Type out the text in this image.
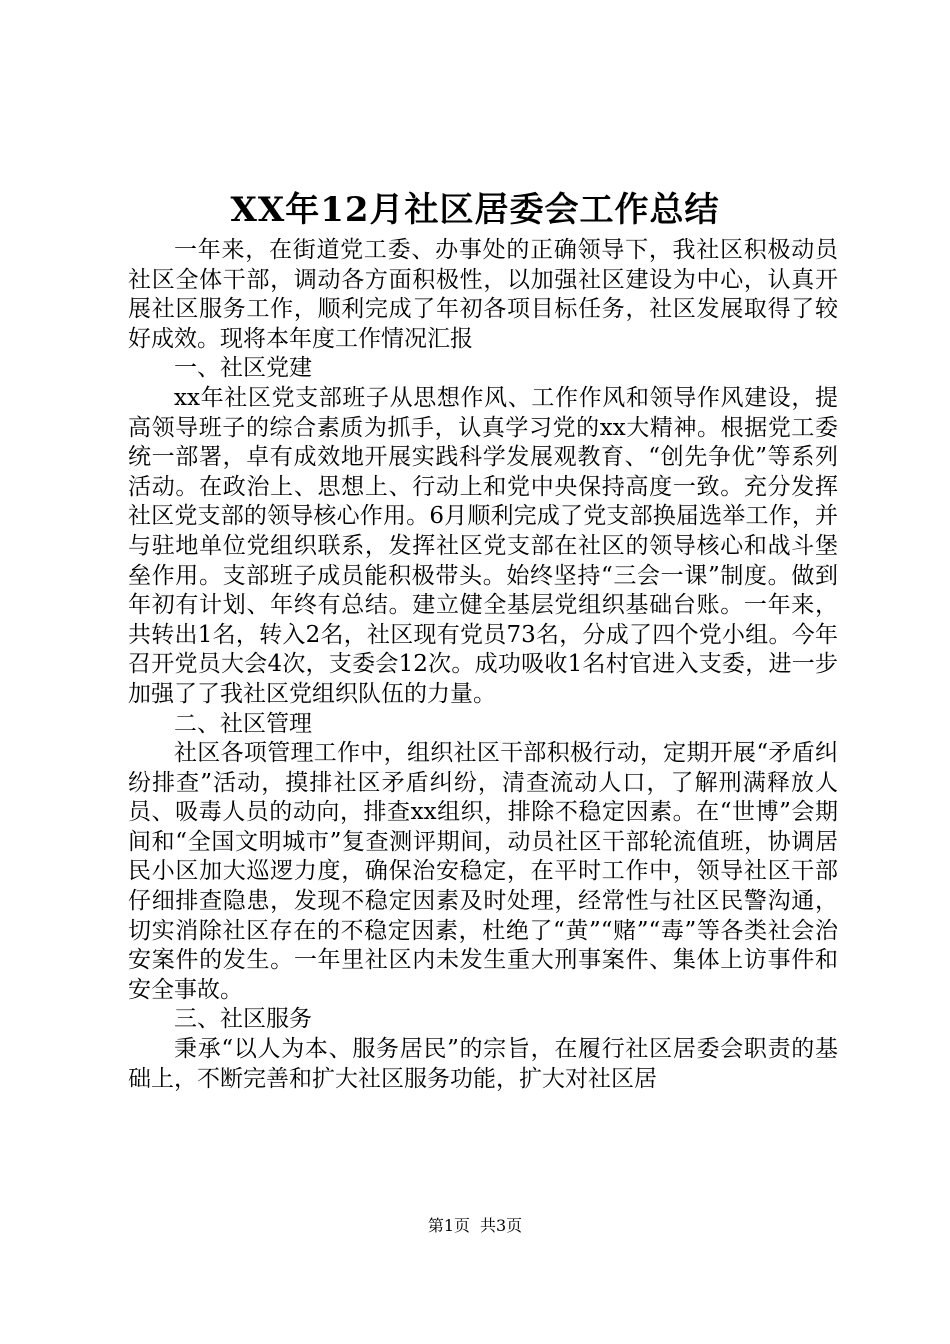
XX年12月社区居委会工作总结

一年来，在街道党工委、办事处的正确领导下，我社区积极动员社区全体干部，调动各方面积极性，以加强社区建设为中心，认真开展社区服务工作，顺利完成了年初各项目标任务，社区发展取得了较好成效。现将本年度工作情况汇报

一、社区党建

xx年社区党支部班子从思想作风、工作作风和领导作风建设，提高领导班子的综合素质为抓手，认真学习党的xx大精神。根据党工委统一部署，卓有成效地开展实践科学发展观教育、“创先争优”等系列活动。在政治上、思想上、行动上和党中央保持高度一致。充分发挥社区党支部的领导核心作用。6月顺利完成了党支部换届选举工作，并与驻地单位党组织联系，发挥社区党支部在社区的领导核心和战斗堡垒作用。支部班子成员能积极带头。始终坚持“三会一课”制度。做到年初有计划、年终有总结。建立健全基层党组织基础台账。一年来，共转出1名，转入2名，社区现有党员73名，分成了四个党小组。今年召开党员大会4次，支委会12次。成功吸收1名村官进入支委，进一步加强了了我社区党组织队伍的力量。

二、社区管理

社区各项管理工作中，组织社区干部积极行动，定期开展“矛盾纠纷排查”活动，摸排社区矛盾纠纷，清查流动人口，了解刑满释放人员、吸毒人员的动向，排查xx组织，排除不稳定因素。在“世博”会期间和“全国文明城市”复查测评期间，动员社区干部轮流值班，协调居民小区加大巡逻力度，确保治安稳定，在平时工作中，领导社区干部仔细排查隐患，发现不稳定因素及时处理，经常性与社区民警沟通，切实消除社区存在的不稳定因素，杜绝了“黄”“赌”“毒”等各类社会治安案件的发生。一年里社区内未发生重大刑事案件、集体上访事件和安全事故。

三、社区服务

秉承“以人为本、服务居民”的宗旨，在履行社区居委会职责的基础上，不断完善和扩大社区服务功能，扩大对社区居

第1页 共3页
